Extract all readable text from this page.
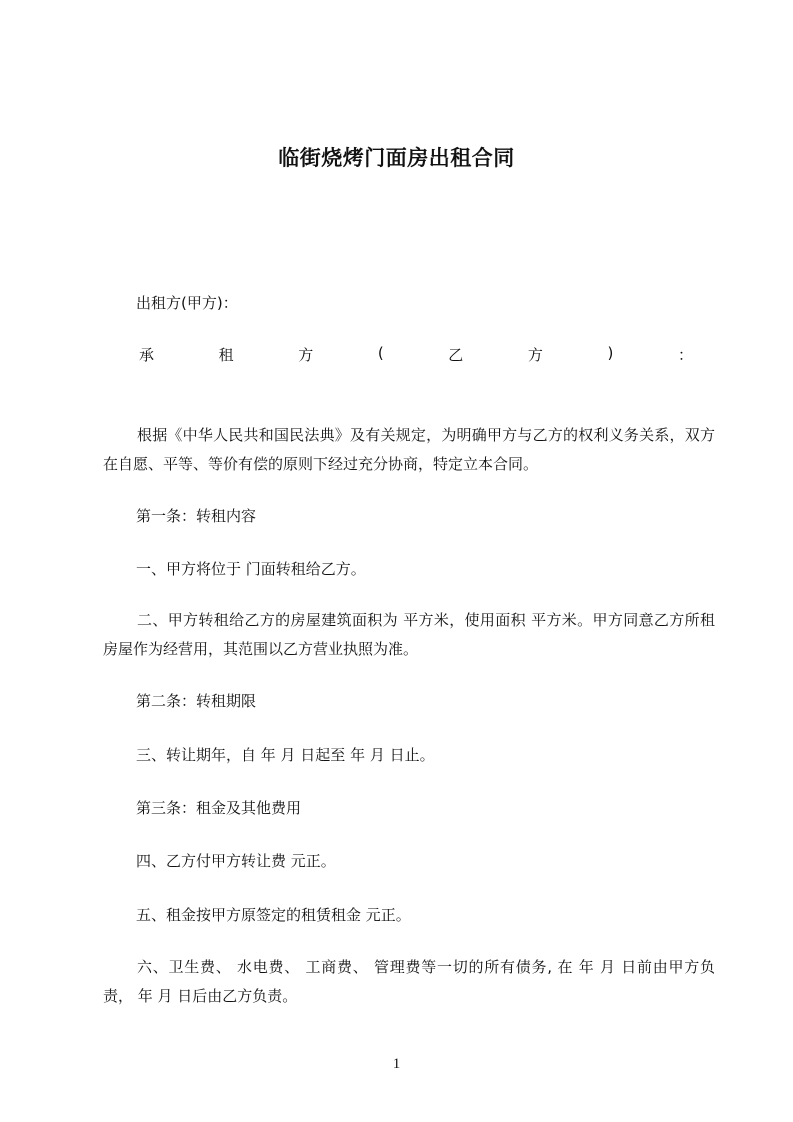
临街烧烤门面房出租合同
出租方(甲方)：
承	租	方	(	乙	方	)	：
根据《中华人民共和国民法典》及有关规定，为明确甲方与乙方的权利义务关系，双方在自愿、平等、等价有偿的原则下经过充分协商，特定立本合同。
第一条：转租内容
一、甲方将位于 门面转租给乙方。
二、甲方转租给乙方的房屋建筑面积为 平方米，使用面积 平方米。甲方同意乙方所租房屋作为经营用，其范围以乙方营业执照为准。
第二条：转租期限
三、转让期年，自 年 月 日起至 年 月 日止。
第三条：租金及其他费用
四、乙方付甲方转让费 元正。
五、租金按甲方原签定的租赁租金 元正。
六、卫生费、 水电费、 工商费、 管理费等一切的所有债务, 在 年 月 日前由甲方负责， 年 月 日后由乙方负责。
1
